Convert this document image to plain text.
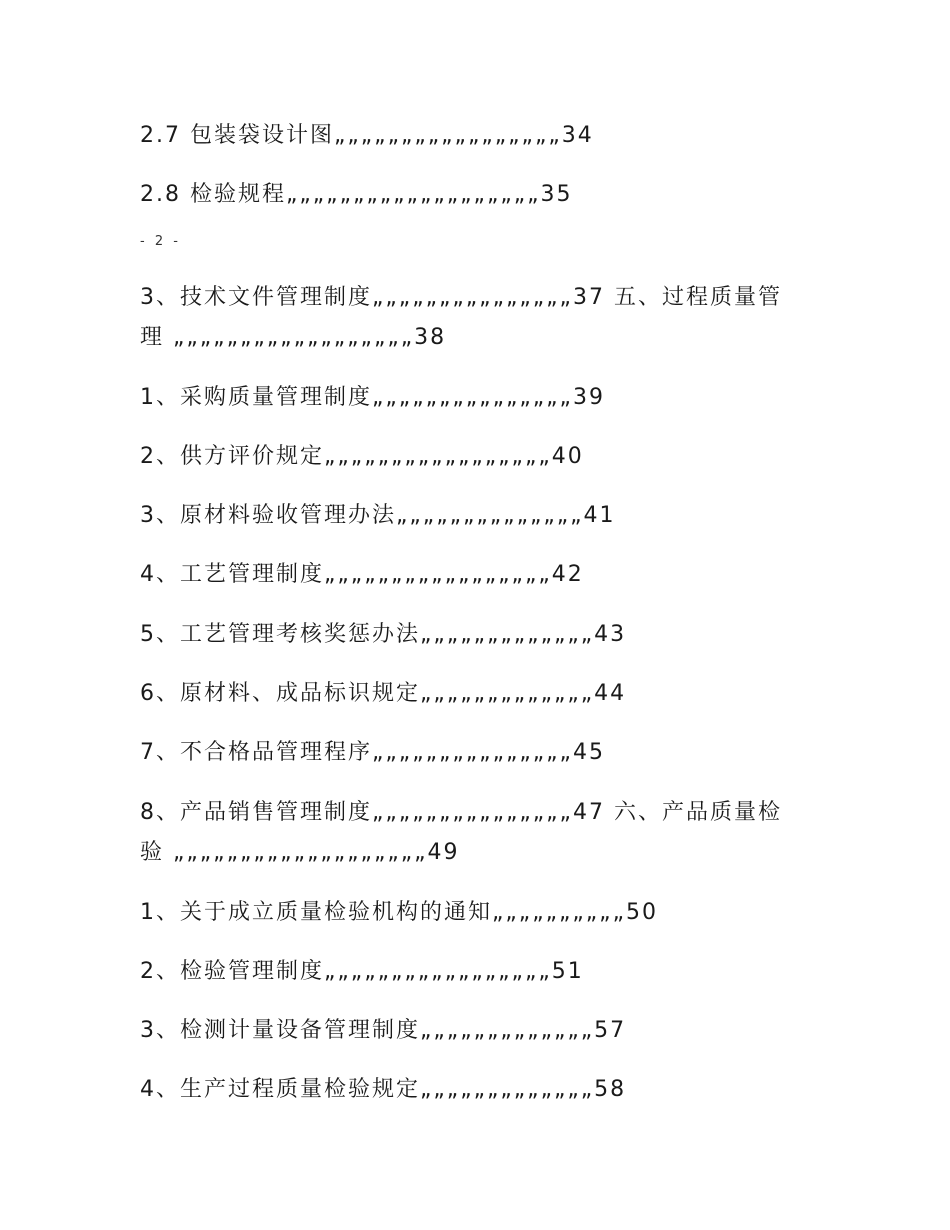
2.7 包装袋设计图„„„„„„„„„„„„„„„„„34
2.8 检验规程„„„„„„„„„„„„„„„„„„„35
- 2 -
3、技术文件管理制度„„„„„„„„„„„„„„„37 五、过程质量管理 „„„„„„„„„„„„„„„„„„38
1、采购质量管理制度„„„„„„„„„„„„„„„39
2、供方评价规定„„„„„„„„„„„„„„„„„40
3、原材料验收管理办法„„„„„„„„„„„„„„41
4、工艺管理制度„„„„„„„„„„„„„„„„„42
5、工艺管理考核奖惩办法„„„„„„„„„„„„„43
6、原材料、成品标识规定„„„„„„„„„„„„„44
7、不合格品管理程序„„„„„„„„„„„„„„„45
8、产品销售管理制度„„„„„„„„„„„„„„„47 六、产品质量检验 „„„„„„„„„„„„„„„„„„„49
1、关于成立质量检验机构的通知„„„„„„„„„„50
2、检验管理制度„„„„„„„„„„„„„„„„„51
3、检测计量设备管理制度„„„„„„„„„„„„„57
4、生产过程质量检验规定„„„„„„„„„„„„„58
